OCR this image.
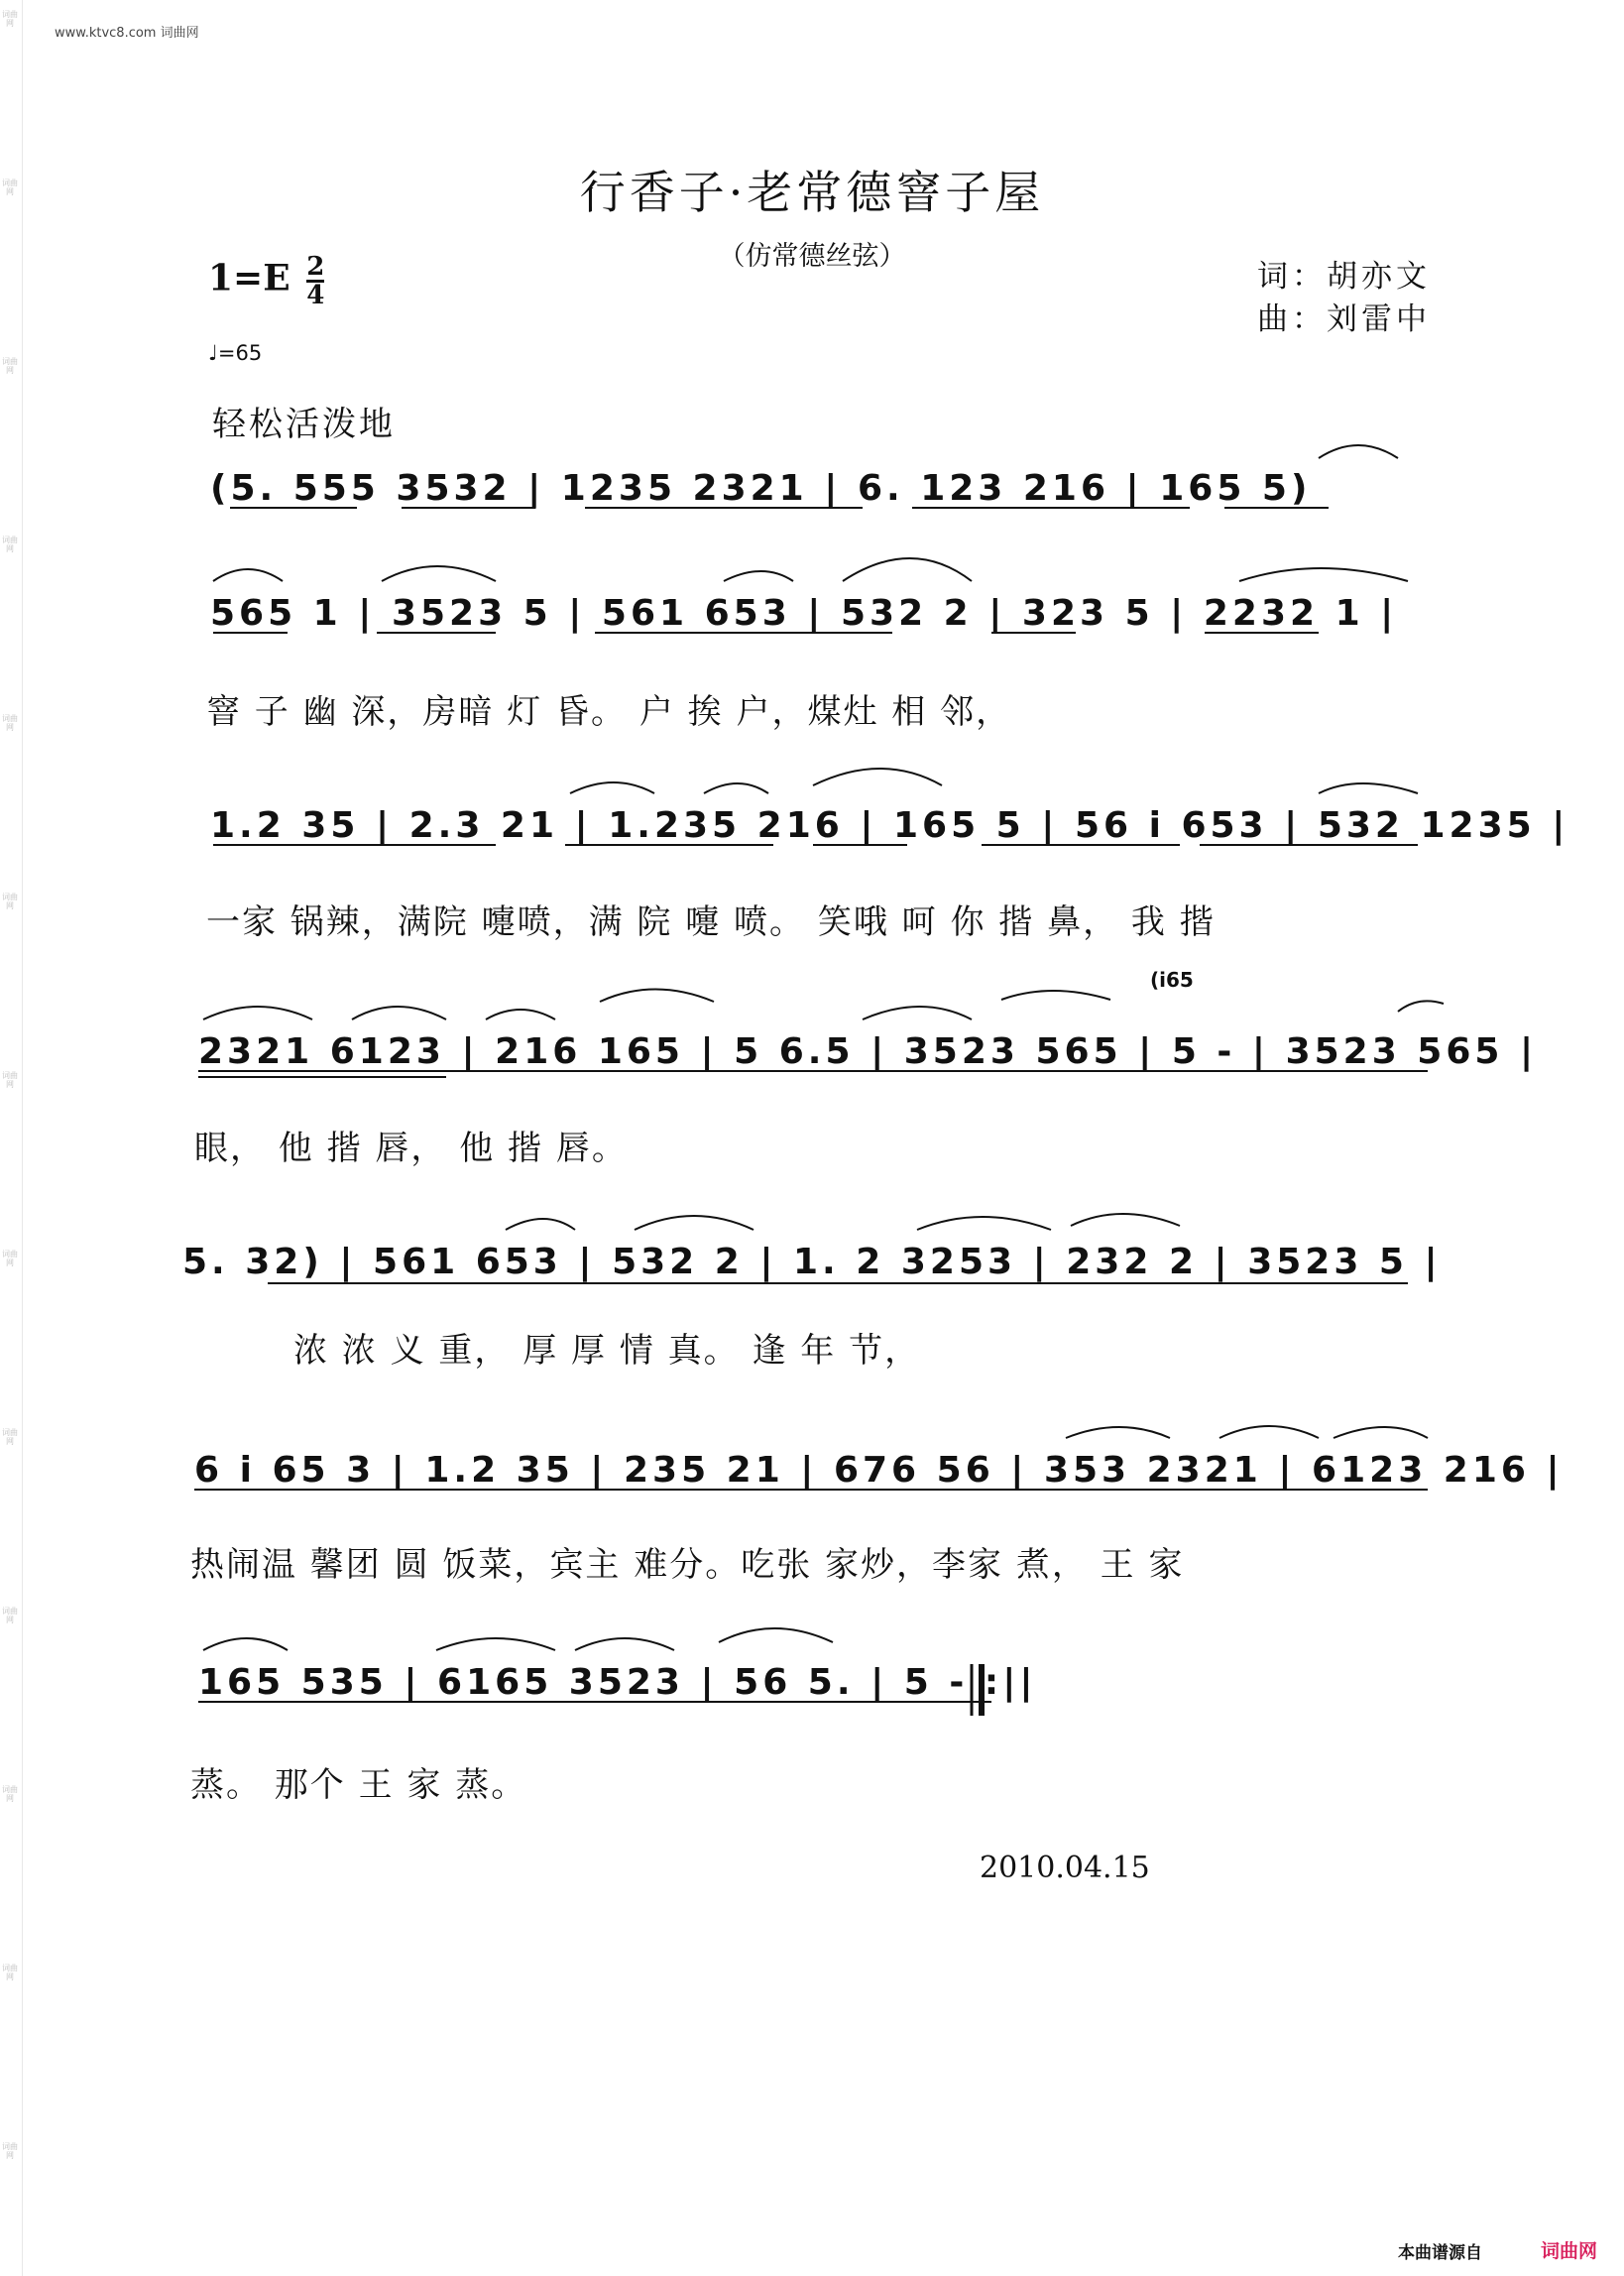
词曲网
词曲网
词曲网
词曲网
词曲网
词曲网
词曲网
词曲网
词曲网
词曲网
词曲网
词曲网
词曲网
www.ktvc8.com 词曲网
行香子·老常德窨子屋
（仿常德丝弦）
$1=E \frac{2}{4}$	词：胡亦文
曲：刘雷中
♩=65
轻松活泼地
(5. 555 3532 | 1235 2321 | 6. 123 216 | 165 5)
565 1 | 3523 5 | 561 653 | 532 2 | 323 5 | 2232 1 |
窨 子 幽 深，房暗 灯 昏。 户 挨 户，煤灶 相 邻，
1.2 35 | 2.3 21 | 1.235 216 | 165 5 | 56 i 653 | 532 1235 |
一家 锅辣，满院 嚏喷，满 院 嚏 喷。 笑哦 呵 你 揩 鼻， 我 揩
(i65
2321 6123 | 216 165 | 5 6.5 | 3523 565 | 5 - | 3523 565 |
眼， 他 揩 唇， 他 揩 唇。
5. 32) | 561 653 | 532 2 | 1. 2 3253 | 232 2 | 3523 5 |
浓 浓 义 重， 厚 厚 情 真。 逢 年 节，
6 i 65 3 | 1.2 35 | 235 21 | 676 56 | 353 2321 | 6123 216 |
热闹温 馨团 圆 饭菜，宾主 难分。吃张 家炒，李家 煮， 王 家
165 535 | 6165 3523 | 56 5. | 5 - :||
蒸。 那个 王 家 蒸。
2010.04.15
本曲谱源自	词曲网
